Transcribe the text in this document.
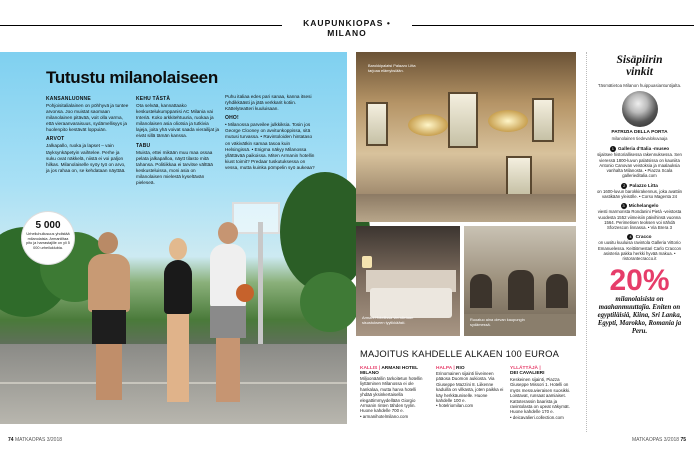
KAUPUNKIOPAS • MILANO
Tanssillisen tanssissa voi esiintyä Milanon Naviglio-kanavan maitolla urheilutapaajat.
Tutustu milanolaiseen
KANSANLUONNE

Pohjoisitalialainen on pöhhyvä ja tuntee arvonsa. Joo muistat saomaan milanolainen pitävää, voit olla varma, että vieraanvaraisuus, sydämellisyys ja huolenpito kestävät loppuiän.

ARVOT

Jalkapallo, ruoka ja lapset – vain täyksynkäpetyin vaihtelee. Perhe ja suku ovat näkkelä, niistä ei voi paljon hilkas. Milanolaiselle syöy työ on arvo, ja jos rahaa on, se kehdataan näyttää.

KEHU TÄSTÄ

Ota selvää, kannattaako keskustelukumppanisi AC Milania vai Interiä. Koko arkkitehtuuria, ruokaa ja milanolaisen asia oliotsia ja tutkivia lajeja, joita yhä voivat saada vierailijat ja eivät sillä tämän kanssa.

TABU

Muista, ettei mikään muu maa ossaa pelata jalkapalloa, näytt tilasto mitä tahansa. Politiikkaa ei tarvitse välttää keskusteluissa, moni asia on milanolaisen mielestä kyseltävän pieleseä.

Puhu italiaa edes pari sanaa, kanna itsesi ryhdikkäästi ja jätä verkkarit kotiin. Kättelyteatteri kuuluisaan.

OHO!

• Milanossa parveilee julkkiksia. Tosin jos George Clooney on avvitunkoppissa, sitä mutusi turvassa. • Ravintoloiden hintataso on väkivätkin samaa tasoa kuin Helsingissä. • Enigma näkyy Milanossa yllättävää paikoissa. Miten Armanin hotellin kiust toimit? Predaar tuskutuksessa on vessa, mutta kuinka pömpelin syö aukeaa?

5 000
Urheiluhullusuus yhdistää milanolaisia. Armaniiltaa pito ja harrastajille on yli 5 000 urheiluklubia.
Barokkipalatsi Palazzo Litta tarjoaa elämyksiään.
Armani Hotellissa vierailetaan sisustukseen tyylikkäästi.
Ruoatuo aina olevan kaupungin sydämessä.
MAJOITUS KAHDELLE ALKAEN 100 EUROA
KALLIS | ARMANI HOTEL MILANO
Miljoonäärilin tarkoitetun hotellin liyttäminen Milanossa ei ole hankalaa, mutta harva hotelli yhdää yksinkertaisella elegattimmyydellään Giorgio Armanin rinten tähden tyylin. Huone kahdelle 700 e.
• armanihotelmilano.com
HALPA | RIO
Erinomainen sijainti liiveineen pääosa Duomon aukiosta. Via Giuseppe Mazzini 8. Liikenne kaduilla on vilkasta, joten paikka ei käy herkkäuniselle. Huone kahdelle 100 e.
• hotelriomilan.com
YLLÄTTÄJÄ |
DEI CAVALIERI
Keskeinen sijainti, Piazza Giuseppe Missori 1. Hotelli on myös messuvieraisen suosikki. Loistavat, runsaat aamiaiset. Kattoterassin baarista ja ravintolasta on upeat näkymät. Huone kahdelle 170 e.
• deicavalieri.collection.com
Sisäpiirin
vinkit
Täsmätietoa Milanon huippuasiantuntijalta.
PATRIZIA DELLA PORTA
milanolainen tiedevalokuvaaja
1 Galleria d'Italia -museo
sijaitsee historiallisessa rakennuksessa. Sen vieressä 1800-luvun palatsissa on kauniita Antonio Canovan veistoksia ja maalauksia vanhalta Milanosta. • Piazza Scala gallerieditalia.com
2 Palazzo Litta
on 1600-luvun barokkirakennus, joka avattiin vastikään yleisölle. • Corso Magenta 24
3 Michelangelo
viesti marmorista Rondanini Pietà -veistosta vuodesta 1552 viimeisiin päivihinsä vuonna 1564. Perimetisen teoksen voi nähdä Sforzescon linnassa. • Via Brera 3
4 Cracco
on uusitu kuuluisa ravintola Galleria Vittorio Emanuelessa. Keittiömestari Carlo Craccon asisteria pakka herkki hyvää makua. • ristorantecracco.it
20%
milanolaisista on maahanmuuttajia. Eniten on egyptiläisiä, Kiina, Sri Lanka, Egypti, Marokko, Romania ja Peru.
74 MATKAOPAS 3/2018	MATKAOPAS 3/2018 75
